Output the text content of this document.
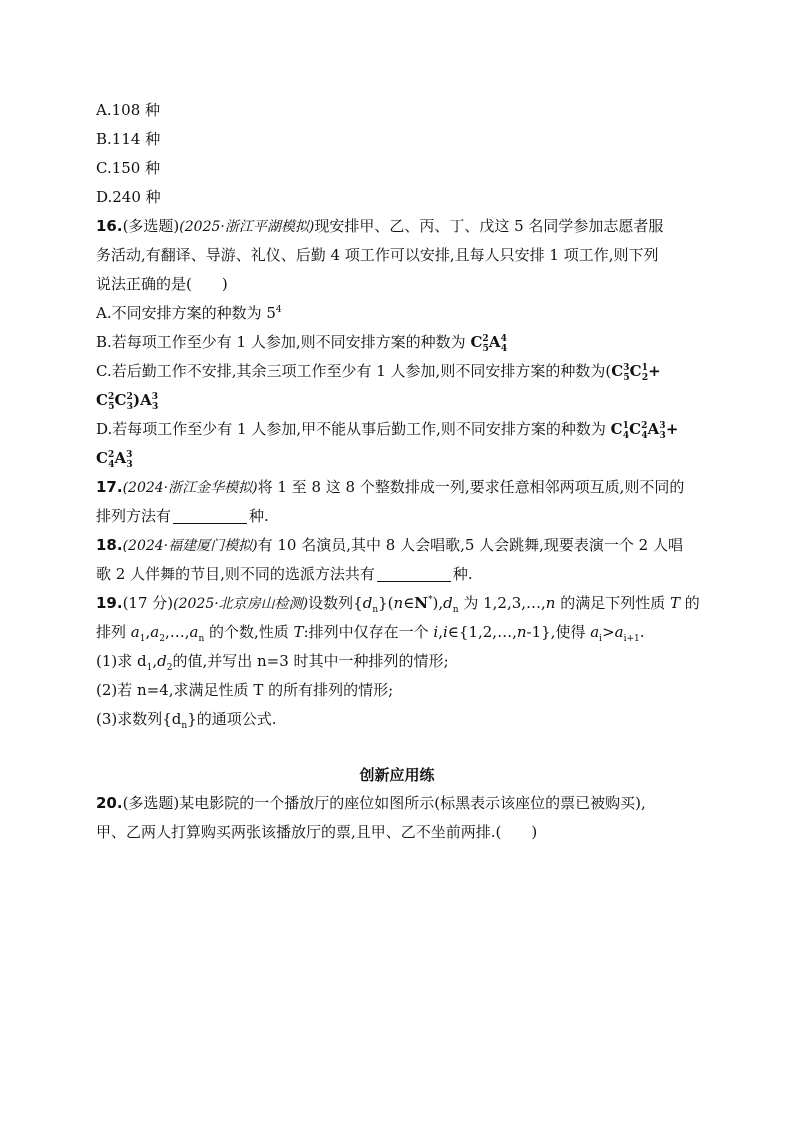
A.108 种
B.114 种
C.150 种
D.240 种
16.(多选题)(2025·浙江平湖模拟)现安排甲、乙、丙、丁、戊这 5 名同学参加志愿者服
务活动,有翻译、导游、礼仪、后勤 4 项工作可以安排,且每人只安排 1 项工作,则下列
说法正确的是(　　)
A.不同安排方案的种数为 $5^4$
B.若每项工作至少有 1 人参加,则不同安排方案的种数为 $C^2_5A^4_4$
C.若后勤工作不安排,其余三项工作至少有 1 人参加,则不同安排方案的种数为($C^3_5C^1_2+$
$C^2_5C^2_3)A^3_3$
D.若每项工作至少有 1 人参加,甲不能从事后勤工作,则不同安排方案的种数为 $C^1_4C^2_4A^3_3+$
$C^2_4A^3_3$
17.(2024·浙江金华模拟)将 1 至 8 这 8 个整数排成一列,要求任意相邻两项互质,则不同的
排列方法有	种.
18.(2024·福建厦门模拟)有 10 名演员,其中 8 人会唱歌,5 人会跳舞,现要表演一个 2 人唱
歌 2 人伴舞的节目,则不同的选派方法共有	种.
19.(17 分)(2025·北京房山检测)设数列$\{d_n\}(n\in N^*),d_n$ 为 1,2,3,…,n 的满足下列性质 T 的
排列 $a_1,a_2,\dots,a_n$ 的个数,性质 T:排列中仅存在一个 i,i∈{1,2,…,n-1},使得 $a_i>a_{i+1}$.
(1)求 $d_1,d_2$的值,并写出 n=3 时其中一种排列的情形;
(2)若 n=4,求满足性质 T 的所有排列的情形;
(3)求数列$\{d_n\}$的通项公式.
创新应用练
20.(多选题)某电影院的一个播放厅的座位如图所示(标黑表示该座位的票已被购买),
甲、乙两人打算购买两张该播放厅的票,且甲、乙不坐前两排.(　　)
